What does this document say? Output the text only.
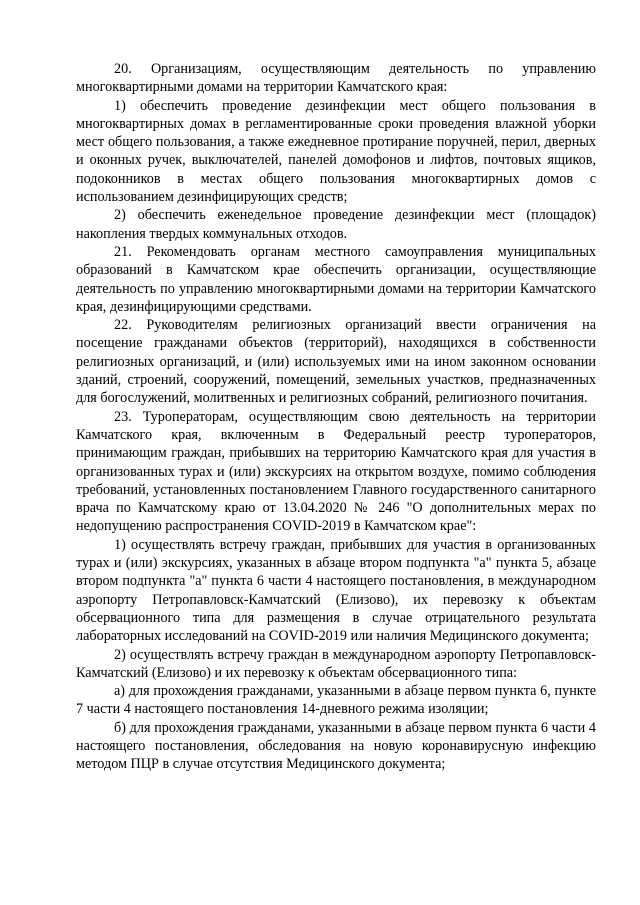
20. Организациям, осуществляющим деятельность по управлению многоквартирными домами на территории Камчатского края:

1) обеспечить проведение дезинфекции мест общего пользования в многоквартирных домах в регламентированные сроки проведения влажной уборки мест общего пользования, а также ежедневное протирание поручней, перил, дверных и оконных ручек, выключателей, панелей домофонов и лифтов, почтовых ящиков, подоконников в местах общего пользования многоквартирных домов с использованием дезинфицирующих средств;

2) обеспечить еженедельное проведение дезинфекции мест (площадок) накопления твердых коммунальных отходов.

21. Рекомендовать органам местного самоуправления муниципальных образований в Камчатском крае обеспечить организации, осуществляющие деятельность по управлению многоквартирными домами на территории Камчатского края, дезинфицирующими средствами.

22. Руководителям религиозных организаций ввести ограничения на посещение гражданами объектов (территорий), находящихся в собственности религиозных организаций, и (или) используемых ими на ином законном основании зданий, строений, сооружений, помещений, земельных участков, предназначенных для богослужений, молитвенных и религиозных собраний, религиозного почитания.

23. Туроператорам, осуществляющим свою деятельность на территории Камчатского края, включенным в Федеральный реестр туроператоров, принимающим граждан, прибывших на территорию Камчатского края для участия в организованных турах и (или) экскурсиях на открытом воздухе, помимо соблюдения требований, установленных постановлением Главного государственного санитарного врача по Камчатскому краю от 13.04.2020 № 246 "О дополнительных мерах по недопущению распространения COVID-2019 в Камчатском крае":

1) осуществлять встречу граждан, прибывших для участия в организованных турах и (или) экскурсиях, указанных в абзаце втором подпункта "а" пункта 5, абзаце втором подпункта "а" пункта 6 части 4 настоящего постановления, в международном аэропорту Петропавловск-Камчатский (Елизово), их перевозку к объектам обсервационного типа для размещения в случае отрицательного результата лабораторных исследований на COVID-2019 или наличия Медицинского документа;

2) осуществлять встречу граждан в международном аэропорту Петропавловск-Камчатский (Елизово) и их перевозку к объектам обсервационного типа:

а) для прохождения гражданами, указанными в абзаце первом пункта 6, пункте 7 части 4 настоящего постановления 14-дневного режима изоляции;

б) для прохождения гражданами, указанными в абзаце первом пункта 6 части 4 настоящего постановления, обследования на новую коронавирусную инфекцию методом ПЦР в случае отсутствия Медицинского документа;
